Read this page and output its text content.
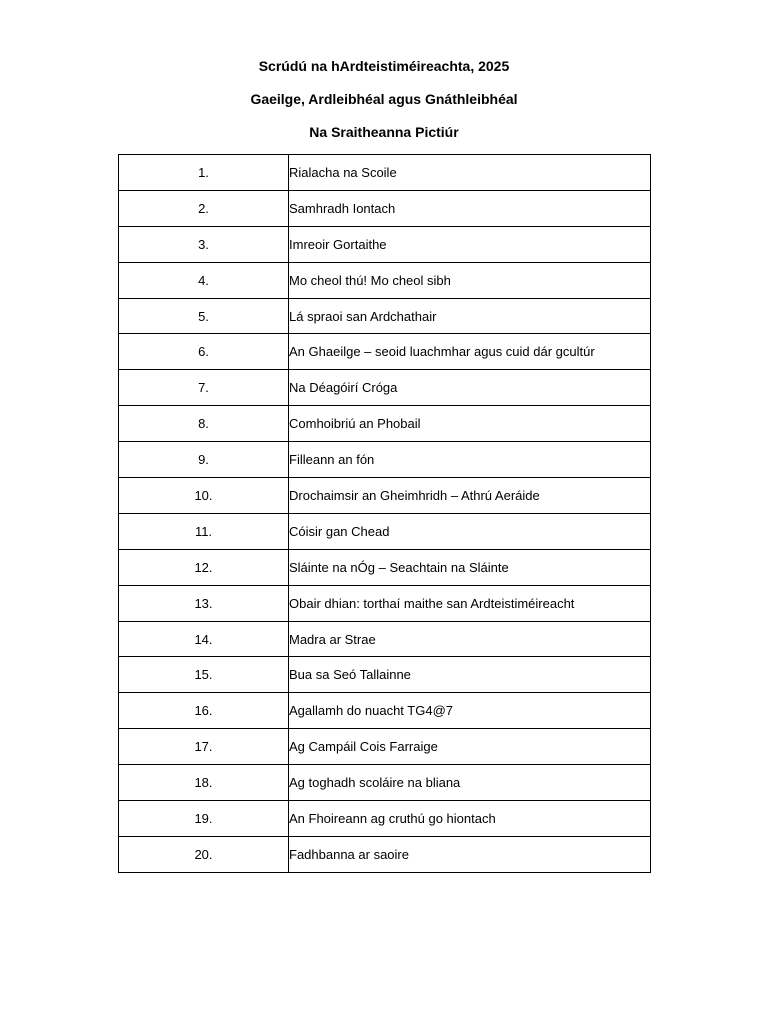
Scrúdú na hArdteistiméireachta, 2025
Gaeilge, Ardleibhéal agus Gnáthleibhéal
Na Sraitheanna Pictiúr
1.	Rialacha na Scoile
2.	Samhradh Iontach
3.	Imreoir Gortaithe
4.	Mo cheol thú! Mo cheol sibh
5.	Lá spraoi san Ardchathair
6.	An Ghaeilge – seoid luachmhar agus cuid dár gcultúr
7.	Na Déagóirí Cróga
8.	Comhoibriú an Phobail
9.	Filleann an fón
10.	Drochaimsir an Gheimhridh – Athrú Aeráide
11.	Cóisir gan Chead
12.	Sláinte na nÓg – Seachtain na Sláinte
13.	Obair dhian: torthaí maithe san Ardteistiméireacht
14.	Madra ar Strae
15.	Bua sa Seó Tallainne
16.	Agallamh do nuacht TG4@7
17.	Ag Campáil Cois Farraige
18.	Ag toghadh scoláire na bliana
19.	An Fhoireann ag cruthú go hiontach
20.	Fadhbanna ar saoire
